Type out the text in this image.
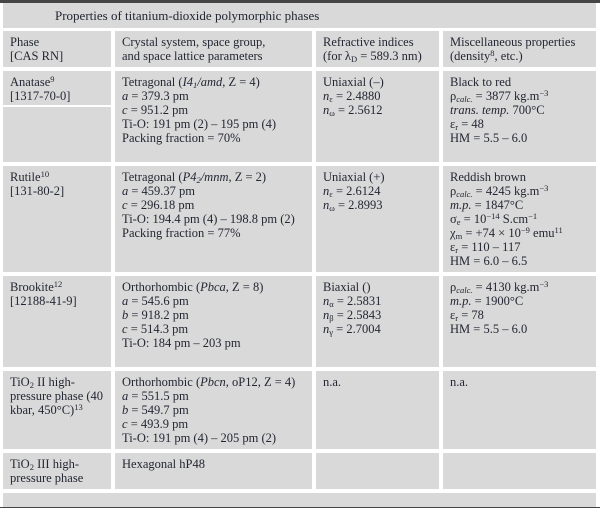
Properties of titanium-dioxide polymorphic phases
Phase
[CAS RN]
Crystal system, space group,
and space lattice parameters
Refractive indices
(for $\lambda_D = 589.3$ nm)
Miscellaneous properties
(density$^8$, etc.)
Anatase$^9$
[1317-70-0]
Tetragonal ($I4_1$/amd, Z = 4)
a = 379.3 pm
c = 951.2 pm
Ti-O: 191 pm (2) – 195 pm (4)
Packing fraction = 70%
Uniaxial (–)
$n_\varepsilon = 2.4880$
$n_\omega = 2.5612$
Black to red
$\rho_{calc.} = 3877$ $kg.m^{-3}$
trans. temp. 700°C
$\varepsilon_r = 48$
HM = 5.5 – 6.0
Rutile$^{10}$
[131-80-2]
Tetragonal ($P4_2$/mnm, Z = 2)
a = 459.37 pm
c = 296.18 pm
Ti-O: 194.4 pm (4) – 198.8 pm (2)
Packing fraction = 77%
Uniaxial (+)
$n_\varepsilon = 2.6124$
$n_\omega = 2.8993$
Reddish brown
$\rho_{calc.} = 4245$ $kg.m^{-3}$
m.p. = 1847°C
$\sigma_e = 10^{-14}$ $S.cm^{-1}$
$\chi_m = +74 \times 10^{-9}$ emu$^{11}$
$\varepsilon_r = 110 - 117$
HM = 6.0 – 6.5
Brookite$^{12}$
[12188-41-9]
Orthorhombic (Pbca, Z = 8)
a = 545.6 pm
b = 918.2 pm
c = 514.3 pm
Ti-O: 184 pm – 203 pm
Biaxial ()
$n_\alpha = 2.5831$
$n_\beta = 2.5843$
$n_\gamma = 2.7004$
$\rho_{calc.} = 4130$ $kg.m^{-3}$
m.p. = 1900°C
$\varepsilon_r = 78$
HM = 5.5 – 6.0
TiO$_2$ II high-
pressure phase (40
kbar, 450°C)$^{13}$
Orthorhombic (Pbcn, oP12, Z = 4)
a = 551.5 pm
b = 549.7 pm
c = 493.9 pm
Ti-O: 191 pm (4) – 205 pm (2)
n.a.	n.a.
TiO$_2$ III high-
pressure phase
Hexagonal hP48
